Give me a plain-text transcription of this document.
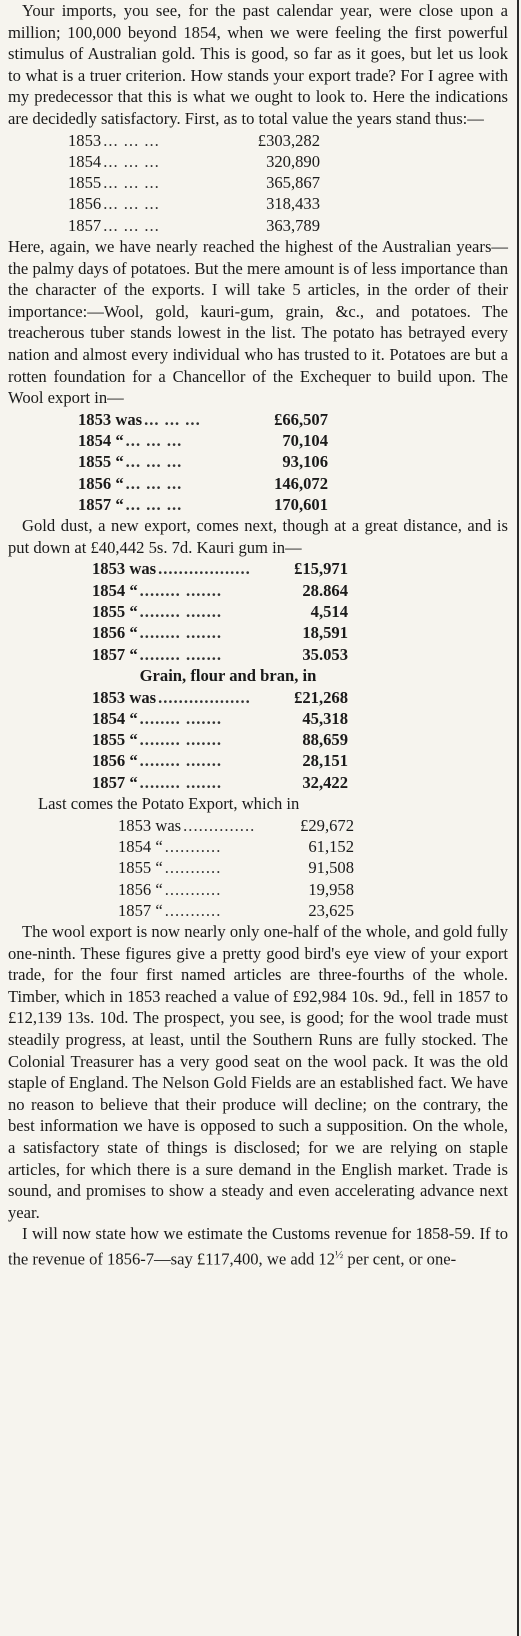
Your imports, you see, for the past calendar year, were close upon a million; 100,000 beyond 1854, when we were feeling the first powerful stimulus of Australian gold. This is good, so far as it goes, but let us look to what is a truer criterion. How stands your export trade? For I agree with my predecessor that this is what we ought to look to. Here the indications are decidedly satisfactory. First, as to total value the years stand thus:—

1853 ... ... ...	£303,282
1854 ... ... ...	320,890
1855 ... ... ...	365,867
1856 ... ... ...	318,433
1857 ... ... ...	363,789

Here, again, we have nearly reached the highest of the Australian years—the palmy days of potatoes. But the mere amount is of less importance than the character of the exports. I will take 5 articles, in the order of their importance:—Wool, gold, kauri-gum, grain, &c., and potatoes. The treacherous tuber stands lowest in the list. The potato has betrayed every nation and almost every individual who has trusted to it. Potatoes are but a rotten foundation for a Chancellor of the Exchequer to build upon. The Wool export in—

1853 was ... ... ...	£66,507
1854 “ ... ... ...	70,104
1855 “ ... ... ...	93,106
1856 “ ... ... ...	146,072
1857 “ ... ... ...	170,601

Gold dust, a new export, comes next, though at a great distance, and is put down at £40,442 5s. 7d. Kauri gum in—

1853 was ..................	£15,971
1854 “ ........ .......	28.864
1855 “ ........ .......	4,514
1856 “ ........ .......	18,591
1857 “ ........ .......	35.053

Grain, flour and bran, in

1853 was ..................	£21,268
1854 “ ........ .......	45,318
1855 “ ........ .......	88,659
1856 “ ........ .......	28,151
1857 “ ........ .......	32,422

Last comes the Potato Export, which in

1853 was ..............	£29,672
1854 “ ...........	61,152
1855 “ ...........	91,508
1856 “ ...........	19,958
1857 “ ...........	23,625

The wool export is now nearly only one-half of the whole, and gold fully one-ninth. These figures give a pretty good bird's eye view of your export trade, for the four first named articles are three-fourths of the whole. Timber, which in 1853 reached a value of £92,984 10s. 9d., fell in 1857 to £12,139 13s. 10d. The prospect, you see, is good; for the wool trade must steadily progress, at least, until the Southern Runs are fully stocked. The Colonial Treasurer has a very good seat on the wool pack. It was the old staple of England. The Nelson Gold Fields are an established fact. We have no reason to believe that their produce will decline; on the contrary, the best information we have is opposed to such a supposition. On the whole, a satisfactory state of things is disclosed; for we are relying on staple articles, for which there is a sure demand in the English market. Trade is sound, and promises to show a steady and even accelerating advance next year.

I will now state how we estimate the Customs revenue for 1858-59. If to the revenue of 1856-7—say £117,400, we add $12^{\frac{1}{2}}$ per cent, or one-
